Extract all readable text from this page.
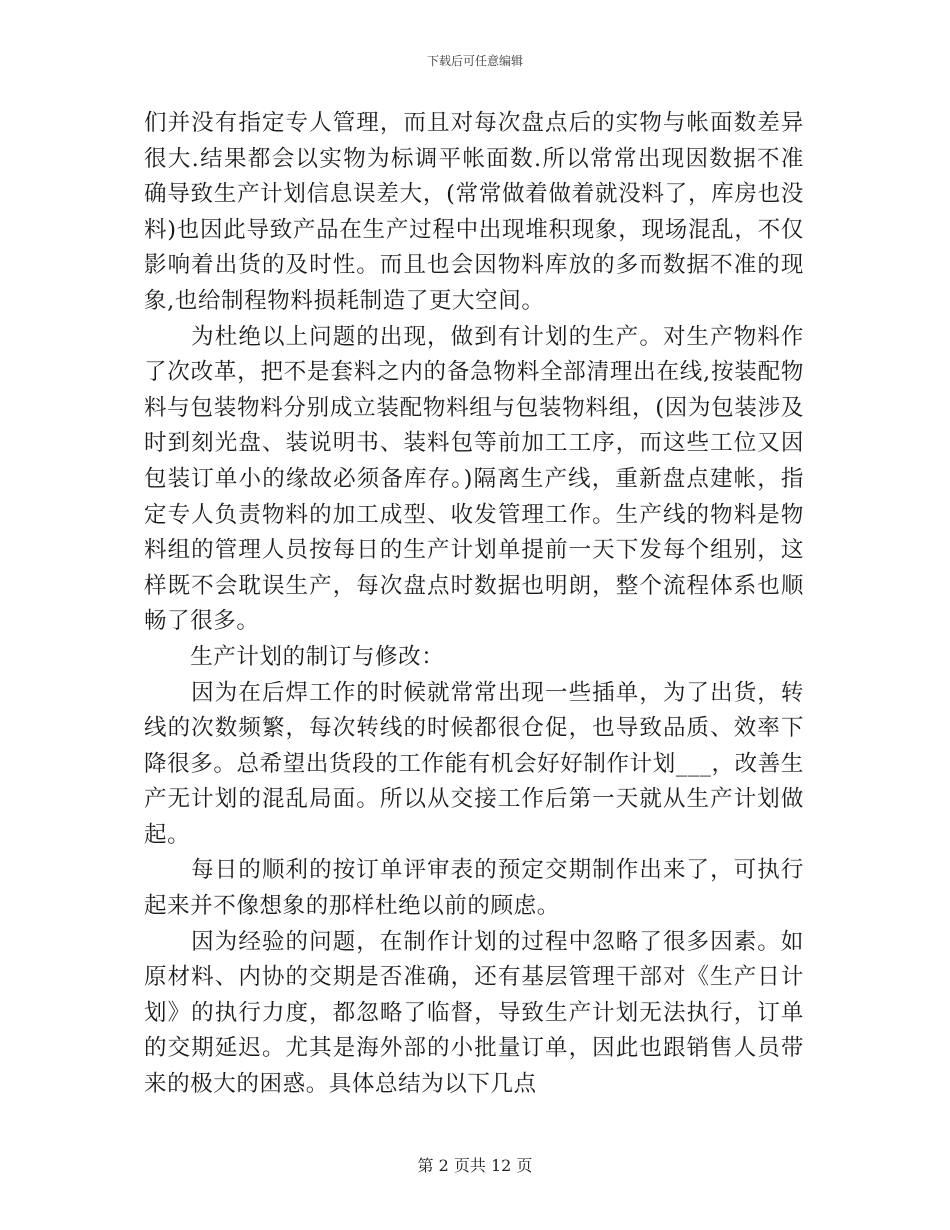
下载后可任意编辑

们并没有指定专人管理，而且对每次盘点后的实物与帐面数差异很大.结果都会以实物为标调平帐面数.所以常常出现因数据不准确导致生产计划信息误差大，(常常做着做着就没料了，库房也没料)也因此导致产品在生产过程中出现堆积现象，现场混乱，不仅影响着出货的及时性。而且也会因物料库放的多而数据不准的现象,也给制程物料损耗制造了更大空间。

　　为杜绝以上问题的出现，做到有计划的生产。对生产物料作了次改革，把不是套料之内的备急物料全部清理出在线,按装配物料与包装物料分别成立装配物料组与包装物料组，(因为包装涉及时到刻光盘、装说明书、装料包等前加工工序，而这些工位又因包装订单小的缘故必须备库存。)隔离生产线，重新盘点建帐，指定专人负责物料的加工成型、收发管理工作。生产线的物料是物料组的管理人员按每日的生产计划单提前一天下发每个组别，这样既不会耽误生产，每次盘点时数据也明朗，整个流程体系也顺畅了很多。

　　生产计划的制订与修改：

　　因为在后焊工作的时候就常常出现一些插单，为了出货，转线的次数频繁，每次转线的时候都很仓促，也导致品质、效率下降很多。总希望出货段的工作能有机会好好制作计划___，改善生产无计划的混乱局面。所以从交接工作后第一天就从生产计划做起。

　　每日的顺利的按订单评审表的预定交期制作出来了，可执行起来并不像想象的那样杜绝以前的顾虑。

　　因为经验的问题，在制作计划的过程中忽略了很多因素。如原材料、内协的交期是否准确，还有基层管理干部对《生产日计划》的执行力度，都忽略了临督，导致生产计划无法执行，订单的交期延迟。尤其是海外部的小批量订单，因此也跟销售人员带来的极大的困惑。具体总结为以下几点

第 2 页共 12 页
